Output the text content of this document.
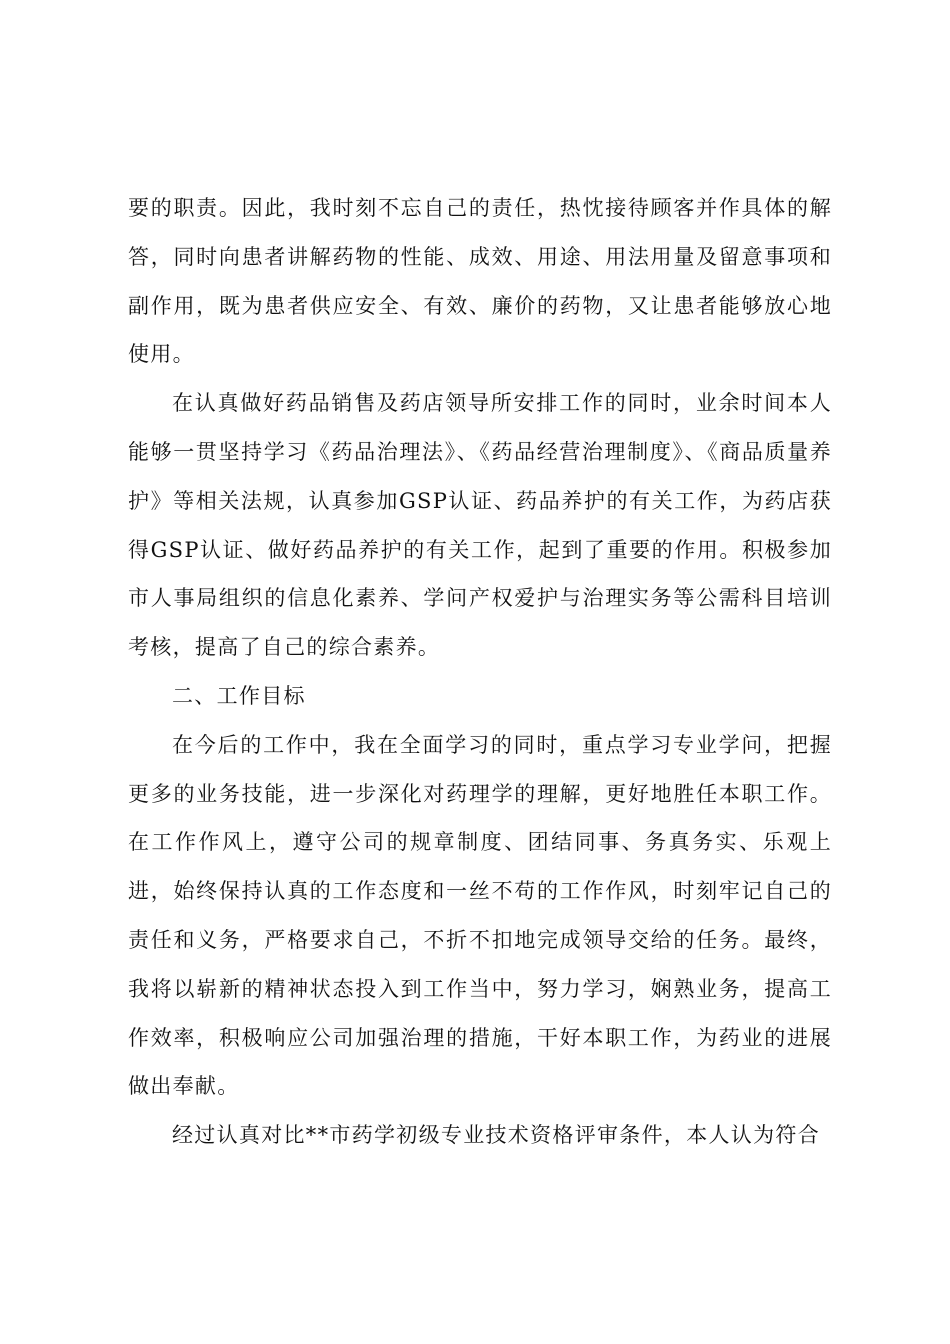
要的职责。因此，我时刻不忘自己的责任，热忱接待顾客并作具体的解答，同时向患者讲解药物的性能、成效、用途、用法用量及留意事项和副作用，既为患者供应安全、有效、廉价的药物，又让患者能够放心地使用。

在认真做好药品销售及药店领导所安排工作的同时，业余时间本人能够一贯坚持学习《药品治理法》、《药品经营治理制度》、《商品质量养护》等相关法规，认真参加GSP认证、药品养护的有关工作，为药店获得GSP认证、做好药品养护的有关工作，起到了重要的作用。积极参加市人事局组织的信息化素养、学问产权爱护与治理实务等公需科目培训考核，提高了自己的综合素养。

二、工作目标

在今后的工作中，我在全面学习的同时，重点学习专业学问，把握更多的业务技能，进一步深化对药理学的理解，更好地胜任本职工作。在工作作风上，遵守公司的规章制度、团结同事、务真务实、乐观上进，始终保持认真的工作态度和一丝不苟的工作作风，时刻牢记自己的责任和义务，严格要求自己，不折不扣地完成领导交给的任务。最终，我将以崭新的精神状态投入到工作当中，努力学习，娴熟业务，提高工作效率，积极响应公司加强治理的措施，干好本职工作，为药业的进展做出奉献。

经过认真对比**市药学初级专业技术资格评审条件，本人认为符合
